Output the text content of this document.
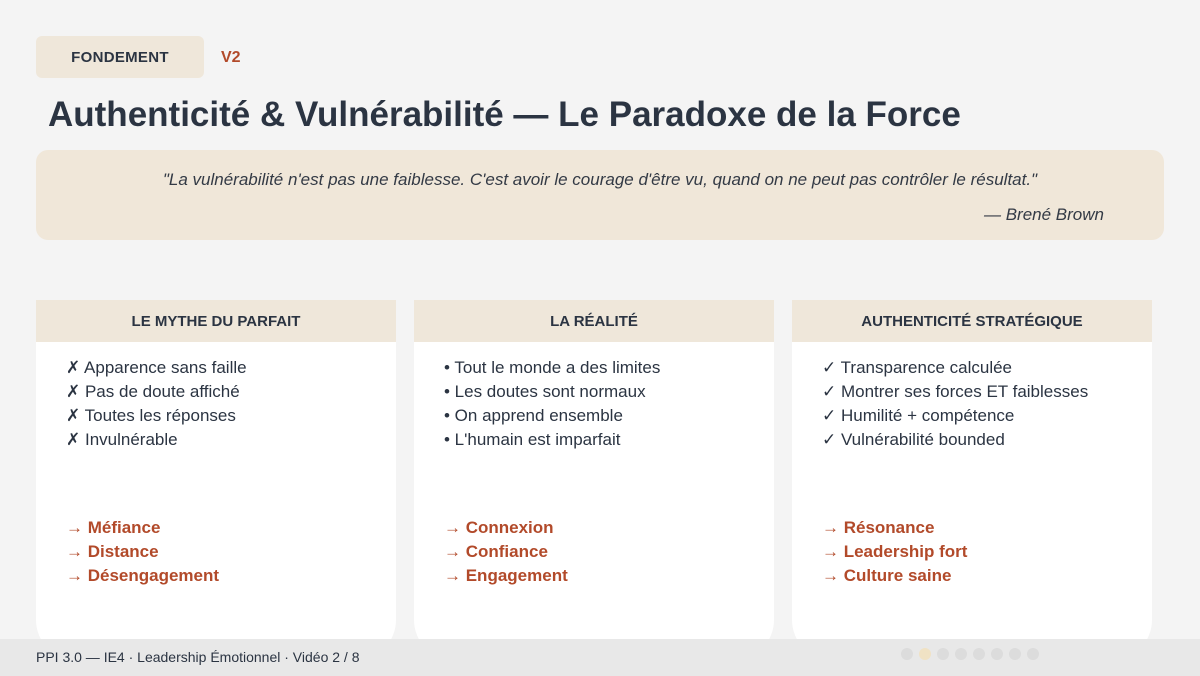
FONDEMENT	V2
Authenticité & Vulnérabilité — Le Paradoxe de la Force
"La vulnérabilité n'est pas une faiblesse. C'est avoir le courage d'être vu, quand on ne peut pas contrôler le résultat."
— Brené Brown
LE MYTHE DU PARFAIT
✗ Apparence sans faille
✗ Pas de doute affiché
✗ Toutes les réponses
✗ Invulnérable
→ Méfiance
→ Distance
→ Désengagement
LA RÉALITÉ
• Tout le monde a des limites
• Les doutes sont normaux
• On apprend ensemble
• L'humain est imparfait
→ Connexion
→ Confiance
→ Engagement
AUTHENTICITÉ STRATÉGIQUE
✓ Transparence calculée
✓ Montrer ses forces ET faiblesses
✓ Humilité + compétence
✓ Vulnérabilité bounded
→ Résonance
→ Leadership fort
→ Culture saine
PPI 3.0 — IE4 · Leadership Émotionnel · Vidéo 2 / 8
